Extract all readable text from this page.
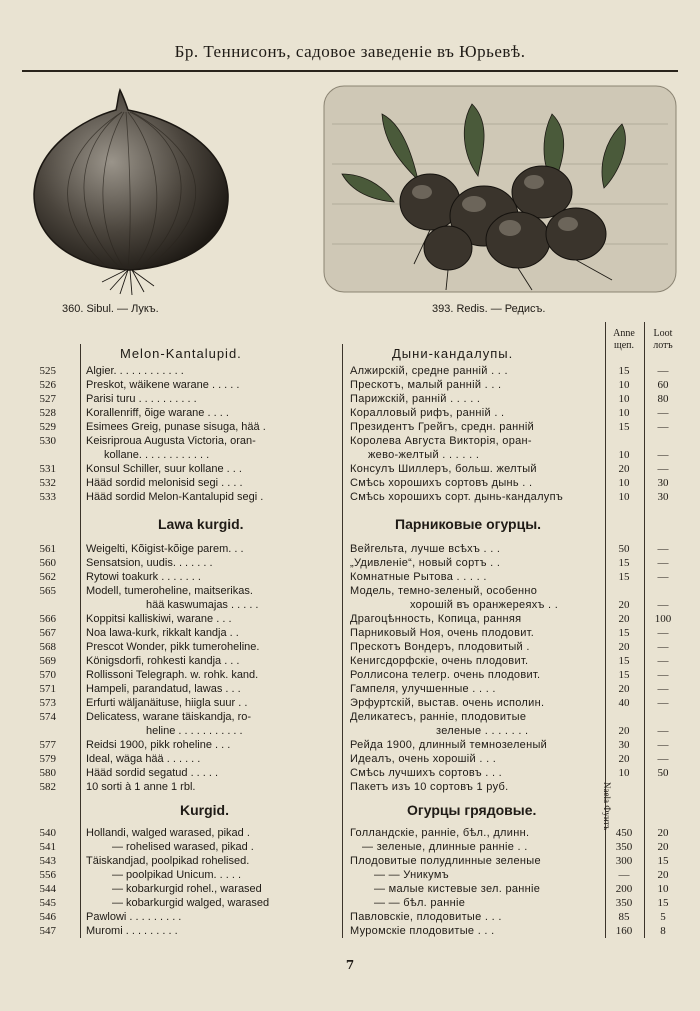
Бр. Теннисонъ, садовое заведеніе въ Юрьевѣ.
360. Sibul. — Лукъ.	393. Redis. — Редисъ.
Anne
щеп.
Loot
лотъ
Melon-Kantalupid.	Дыни-кандалупы.
525	Algier. . . . . . . . . . . .	Алжирскій, средне ранній . . .	15	—
526	Preskot, wäikene warane . . . . .	Прескотъ, малый ранній . . .	10	60
527	Parisi turu . . . . . . . . . .	Парижскій, ранній . . . . .	10	80
528	Korallenriff, õige warane . . . .	Коралловый рифъ, ранній . .	10	—
529	Esimees Greig, punase sisuga, hää .	Президентъ Грейгъ, средн. ранній	15	—
530	Keisriproua Augusta Victoria, oran-	Королева Августа Викторія, оран-
kollane. . . . . . . . . . . .	жево-желтый . . . . . .	10	—
531	Konsul Schiller, suur kollane . . .	Консулъ Шиллеръ, больш. желтый	20	—
532	Hääd sordid melonisid segi . . . .	Смѣсь хорошихъ сортовъ дынь . .	10	30
533	Hääd sordid Melon-Kantalupid segi .	Смѣсь хорошихъ сорт. дынь-кандалупъ	10	30
Lawa kurgid.	Парниковые огурцы.
561	Weigelti, Kõigist-kõige parem. . .	Вейгельта, лучше всѣхъ . . .	50	—
560	Sensatsion, uudis. . . . . . .	„Удивленіе“, новый сортъ . .	15	—
562	Rytowi toakurk . . . . . . .	Комнатные Рытова . . . . .	15	—
565	Modell, tumeroheline, maitserikas.	Модель, темно-зеленый, особенно
hää kaswumajas . . . . .	хорошій въ оранжереяхъ . .	20	—
566	Koppitsi kalliskiwi, warane . . .	Драгоцѣнность, Копица, ранняя	20	100
567	Noa lawa-kurk, rikkalt kandja . .	Парниковый Ноя, очень плодовит.	15	—
568	Prescot Wonder, pikk tumeroheline.	Прескотъ Вондеръ, плодовитый .	20	—
569	Königsdorfi, rohkesti kandja . . .	Кенигсдорфскіе, очень плодовит.	15	—
570	Rollissoni Telegraph. w. rohk. kand.	Роллисона телегр. очень плодовит.	15	—
571	Hampeli, parandatud, lawas . . .	Гампеля, улучшенные . . . .	20	—
573	Erfurti wäljanäituse, hiigla suur . .	Эрфуртскій, выстав. очень исполин.	40	—
574	Delicatess, warane täiskandja, ro-	Деликатесъ, ранніе, плодовитые
heline . . . . . . . . . . .	зеленые . . . . . . .	20	—
577	Reidsi 1900, pikk roheline . . .	Рейда 1900, длинный темнозеленый	30	—
579	Ideal, wäga hää . . . . . .	Идеалъ, очень хорошій . . .	20	—
580	Hääd sordid segatud . . . . .	Смѣсь лучшихъ сортовъ . . .	10	50
582	10 sorti à 1 anne 1 rbl.	Пакетъ изъ 10 сортовъ 1 руб.	Naela Фунтъ
Kurgid.	Огурцы грядовые.
540	Hollandi, walged warased, pikad .	Голландскіе, ранніе, бѣл., длинн.	450	20
541	— rohelised warased, pikad .	— зеленые, длинные ранніе . .	350	20
543	Täiskandjad, poolpikad rohelised.	Плодовитые полудлинные зеленые	300	15
556	— poolpikad Unicum. . . . .	— — Уникумъ	—	20
544	— kobarkurgid rohel., warased	— малые кистевые зел. ранніе	200	10
545	— kobarkurgid walged, warased	— — бѣл. ранніе	350	15
546	Pawlowi . . . . . . . . .	Павловскіе, плодовитые . . .	85	5
547	Muromi . . . . . . . . .	Муромскіе плодовитые . . .	160	8
7
